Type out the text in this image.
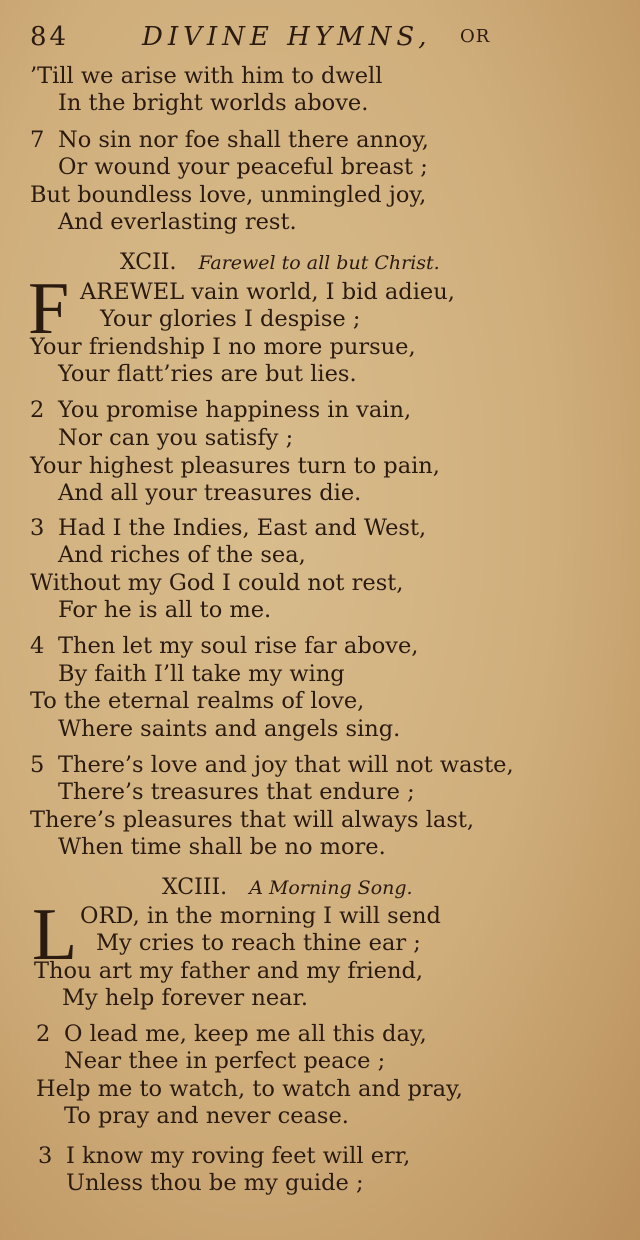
84	DIVINE HYMNS, OR
’Till we arise with him to dwell
In the bright worlds above.
7 No sin nor foe shall there annoy,
Or wound your peaceful breast ;
But boundless love, unmingled joy,
And everlasting rest.
XCII. Farewel to all but Christ.
F AREWEL vain world, I bid adieu,
Your glories I despise ;
Your friendship I no more pursue,
Your flatt’ries are but lies.
2 You promise happiness in vain,
Nor can you satisfy ;
Your highest pleasures turn to pain,
And all your treasures die.
3 Had I the Indies, East and West,
And riches of the sea,
Without my God I could not rest,
For he is all to me.
4 Then let my soul rise far above,
By faith I’ll take my wing
To the eternal realms of love,
Where saints and angels sing.
5 There’s love and joy that will not waste,
There’s treasures that endure ;
There’s pleasures that will always last,
When time shall be no more.
XCIII. A Morning Song.
L ORD, in the morning I will send
My cries to reach thine ear ;
Thou art my father and my friend,
My help forever near.
2 O lead me, keep me all this day,
Near thee in perfect peace ;
Help me to watch, to watch and pray,
To pray and never cease.
3 I know my roving feet will err,
Unless thou be my guide ;
